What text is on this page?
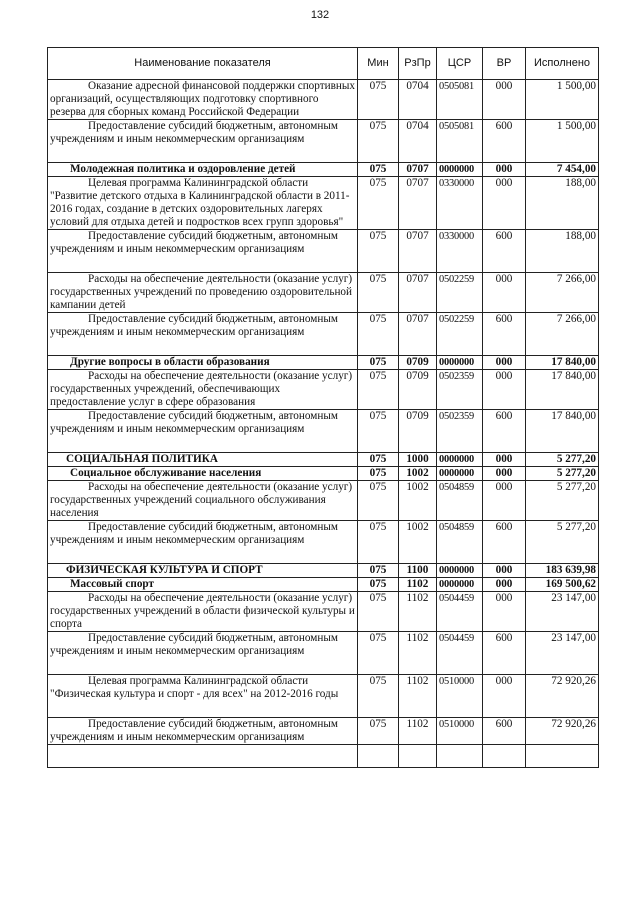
132
Наименование показателя	Мин	РзПр	ЦСР	ВР	Исполнено
Оказание адресной финансовой поддержки спортивных организаций, осуществляющих подготовку спортивного резерва для сборных команд Российской Федерации	075	0704	0505081	000	1 500,00
Предоставление субсидий бюджетным, автономным учреждениям и иным некоммерческим организациям	075	0704	0505081	600	1 500,00

Молодежная политика и оздоровление детей	075	0707	0000000	000	7 454,00
Целевая программа Калининградской области "Развитие детского отдыха в Калининградской области в 2011-2016 годах, создание в детских оздоровительных лагерях условий для отдыха детей и подростков всех групп здоровья"	075	0707	0330000	000	188,00
Предоставление субсидий бюджетным, автономным учреждениям и иным некоммерческим организациям	075	0707	0330000	600	188,00

Расходы на обеспечение деятельности (оказание услуг) государственных учреждений по проведению оздоровительной кампании детей	075	0707	0502259	000	7 266,00
Предоставление субсидий бюджетным, автономным учреждениям и иным некоммерческим организациям	075	0707	0502259	600	7 266,00

Другие вопросы в области образования	075	0709	0000000	000	17 840,00
Расходы на обеспечение деятельности (оказание услуг) государственных учреждений, обеспечивающих предоставление услуг в сфере образования	075	0709	0502359	000	17 840,00
Предоставление субсидий бюджетным, автономным учреждениям и иным некоммерческим организациям	075	0709	0502359	600	17 840,00

СОЦИАЛЬНАЯ ПОЛИТИКА	075	1000	0000000	000	5 277,20
Социальное обслуживание населения	075	1002	0000000	000	5 277,20
Расходы на обеспечение деятельности (оказание услуг) государственных учреждений социального обслуживания населения	075	1002	0504859	000	5 277,20
Предоставление субсидий бюджетным, автономным учреждениям и иным некоммерческим организациям	075	1002	0504859	600	5 277,20

ФИЗИЧЕСКАЯ КУЛЬТУРА И СПОРТ	075	1100	0000000	000	183 639,98
Массовый спорт	075	1102	0000000	000	169 500,62
Расходы на обеспечение деятельности (оказание услуг) государственных учреждений в области физической культуры и спорта	075	1102	0504459	000	23 147,00
Предоставление субсидий бюджетным, автономным учреждениям и иным некоммерческим организациям	075	1102	0504459	600	23 147,00

Целевая программа Калининградской области "Физическая культура и спорт - для всех" на 2012-2016 годы	075	1102	0510000	000	72 920,26

Предоставление субсидий бюджетным, автономным учреждениям и иным некоммерческим организациям	075	1102	0510000	600	72 920,26
